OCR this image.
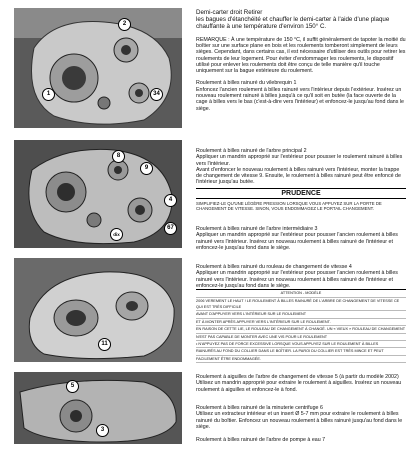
2
1	34
8
9
4
67
dix
11
5
3

Demi-carter droit Retirer

les bagues d'étanchéité et chauffer le demi-carter à l'aide d'une plaque chauffante à une température d'environ 150° C.

REMARQUE : À une température de 150 °C, il suffit généralement de tapoter la moitié du boîtier sur une surface plane en bois et les roulements tomberont simplement de leurs sièges. Cependant, dans certains cas, il est nécessaire d'utiliser des outils pour retirer les roulements de leur logement. Pour éviter d'endommager les roulements, le dispositif utilisé pour enlever les roulements doit être conçu de telle manière qu'il touche uniquement sur la bague extérieure du roulement.

Roulement à billes rainuré du vilebrequin 1

Enfoncez l'ancien roulement à billes rainuré vers l'intérieur depuis l'extérieur. Insérez un nouveau roulement rainuré à billes jusqu'à ce qu'il soit en butée (la face ouverte de la cage à billes vers le bas (c'est-à-dire vers l'intérieur) et enfoncez-le jusqu'au fond dans le siège.

Roulement à billes rainuré de l'arbre principal 2

Appliquer un mandrin approprié sur l'extérieur pour pousser le roulement rainuré à billes vers l'intérieur.

Avant d'enfoncer le nouveau roulement à billes rainuré vers l'intérieur, monter la trappe de changement de vitesse 9. Ensuite, le roulement à billes rainuré peut être enfoncé de l'intérieur jusqu'au butée.

PRUDENCE

SIMPLIFIEZ-LE QU'UNE LÉGÈRE PRESSION LORSQUE VOUS APPUYEZ SUR LA PORTE DE CHANGEMENT DE VITESSE. SINON, VOUS ENDOMMAGEZ LE PORTAIL CHANGEMENT.

Roulement à billes rainuré de l'arbre intermédiaire 3

Appliquer un mandrin approprié sur l'extérieur pour pousser l'ancien roulement à billes rainuré vers l'intérieur. Insérez un nouveau roulement à billes rainuré de l'intérieur et enfoncez-le jusqu'au fond dans le siège.

Roulement à billes rainuré du rouleau de changement de vitesse 4

Appliquer un mandrin approprié sur l'extérieur pour pousser l'ancien roulement à billes rainuré vers l'intérieur. Insérez un nouveau roulement à billes rainuré de l'intérieur et enfoncez-le jusqu'au fond dans le siège.

ATTENTION - MODÈLE
2006 VEREMENT LE HAUT ! LE ROULEMENT À BILLES RAINURÉ DE L'ARBRE DE CHANGEMENT DE VITESSE CE QUI EST TRÈS DIFFICILE
AVANT D'APPUYER VERS L'INTÉRIEUR SUR LE ROULEMENT
ET À MONTER APRÈS APPUYER VERS L'INTÉRIEUR SUR LE ROULEMENT.
EN RAISON DE CETTE LIE, LE ROULEAU DE CHANGEMENT À CHANGÉ. UN « VIEUX » ROULEAU DE CHANGEMENT
N'EST PAS CAPABLE DE MONTER AVEC UNE VIS POUR LE ROULEMENT
• N'APPUYEZ PAS DE FORCE EXCESSIVE LORSQUE VOUS APPUYEZ SUR LE ROULEMENT À BILLES
RAINURÉS AU FOND DU COLLIER DANS LE BOÎTIER. LA PAROI DU COLLIER EST TRÈS MINCE ET PEUT
FACILEMENT ÊTRE ENDOMMAGÉE.

Roulement à aiguilles de l'arbre de changement de vitesse 5 (à partir du modèle 2002)

Utilisez un mandrin approprié pour extraire le roulement à aiguilles. Insérez un nouveau roulement à aiguilles et enfoncez-le à fond.

Roulement à billes rainuré de la minuterie centrifuge 6

Utilisez un extracteur intérieur et un insert Ø 5-7 mm pour extraire le roulement à billes rainuré du boîtier. Enfoncez un nouveau roulement à billes rainuré jusqu'au fond dans le siège.

Roulement à billes rainuré de l'arbre de pompe à eau 7
